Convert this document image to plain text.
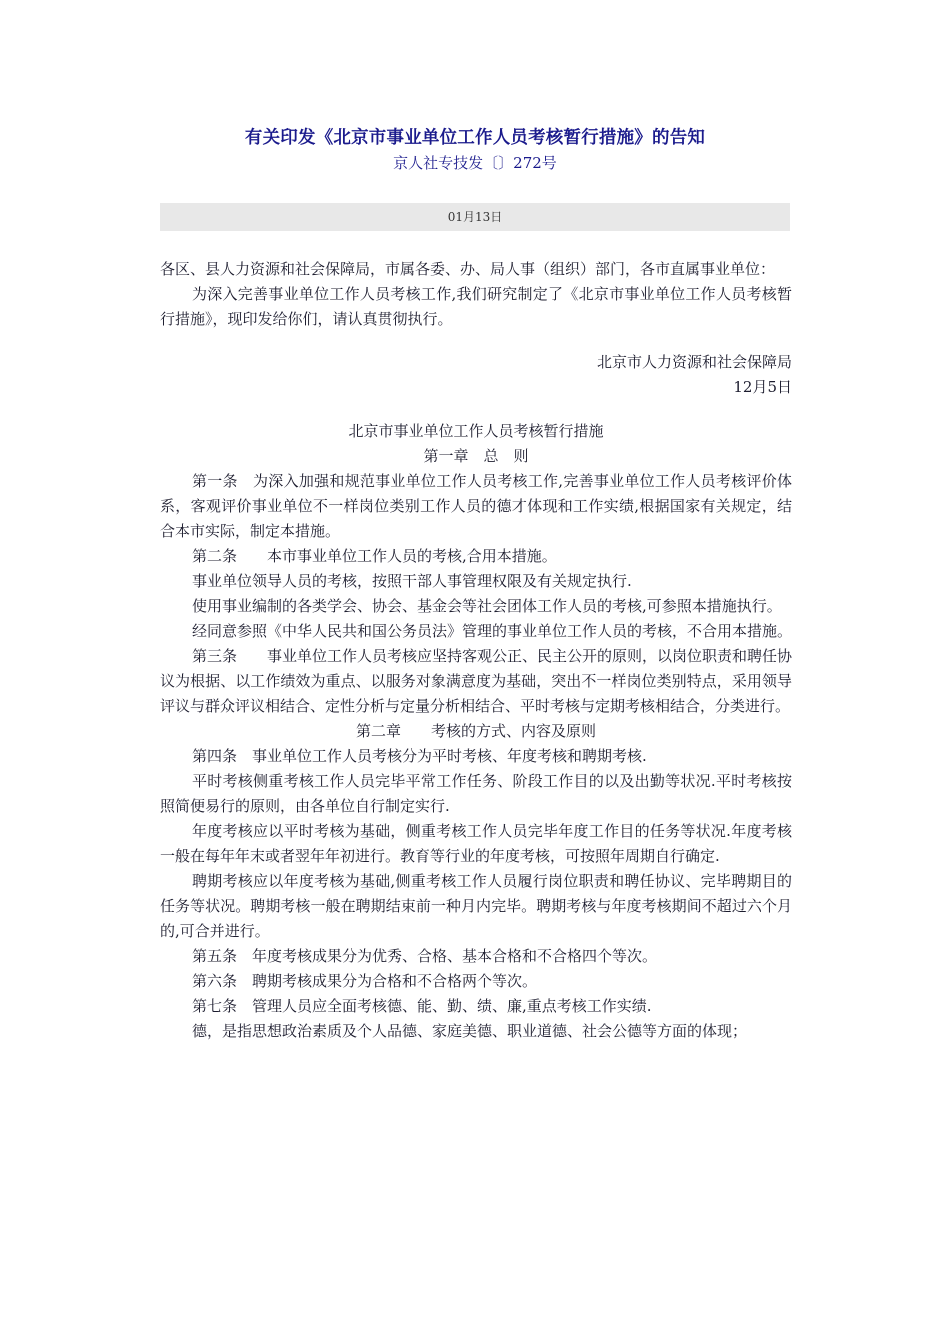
有关印发《北京市事业单位工作人员考核暂行措施》的告知
京人社专技发〔〕272号
01月13日

各区、县人力资源和社会保障局，市属各委、办、局人事（组织）部门，各市直属事业单位：

为深入完善事业单位工作人员考核工作,我们研究制定了《北京市事业单位工作人员考核暂行措施》，现印发给你们，请认真贯彻执行。

北京市人力资源和社会保障局

12月5日

北京市事业单位工作人员考核暂行措施

第一章　总　则

第一条　为深入加强和规范事业单位工作人员考核工作,完善事业单位工作人员考核评价体系，客观评价事业单位不一样岗位类别工作人员的德才体现和工作实绩,根据国家有关规定，结合本市实际，制定本措施。

第二条　　本市事业单位工作人员的考核,合用本措施。

事业单位领导人员的考核，按照干部人事管理权限及有关规定执行.

使用事业编制的各类学会、协会、基金会等社会团体工作人员的考核,可参照本措施执行。

经同意参照《中华人民共和国公务员法》管理的事业单位工作人员的考核，不合用本措施。

第三条　　事业单位工作人员考核应坚持客观公正、民主公开的原则，以岗位职责和聘任协议为根据、以工作绩效为重点、以服务对象满意度为基础，突出不一样岗位类别特点，采用领导评议与群众评议相结合、定性分析与定量分析相结合、平时考核与定期考核相结合，分类进行。

第二章　　考核的方式、内容及原则

第四条　事业单位工作人员考核分为平时考核、年度考核和聘期考核.

平时考核侧重考核工作人员完毕平常工作任务、阶段工作目的以及出勤等状况.平时考核按照简便易行的原则，由各单位自行制定实行.

年度考核应以平时考核为基础，侧重考核工作人员完毕年度工作目的任务等状况.年度考核一般在每年年末或者翌年年初进行。教育等行业的年度考核，可按照年周期自行确定.

聘期考核应以年度考核为基础,侧重考核工作人员履行岗位职责和聘任协议、完毕聘期目的任务等状况。聘期考核一般在聘期结束前一种月内完毕。聘期考核与年度考核期间不超过六个月的,可合并进行。

第五条　年度考核成果分为优秀、合格、基本合格和不合格四个等次。

第六条　聘期考核成果分为合格和不合格两个等次。

第七条　管理人员应全面考核德、能、勤、绩、廉,重点考核工作实绩.

德，是指思想政治素质及个人品德、家庭美德、职业道德、社会公德等方面的体现；
